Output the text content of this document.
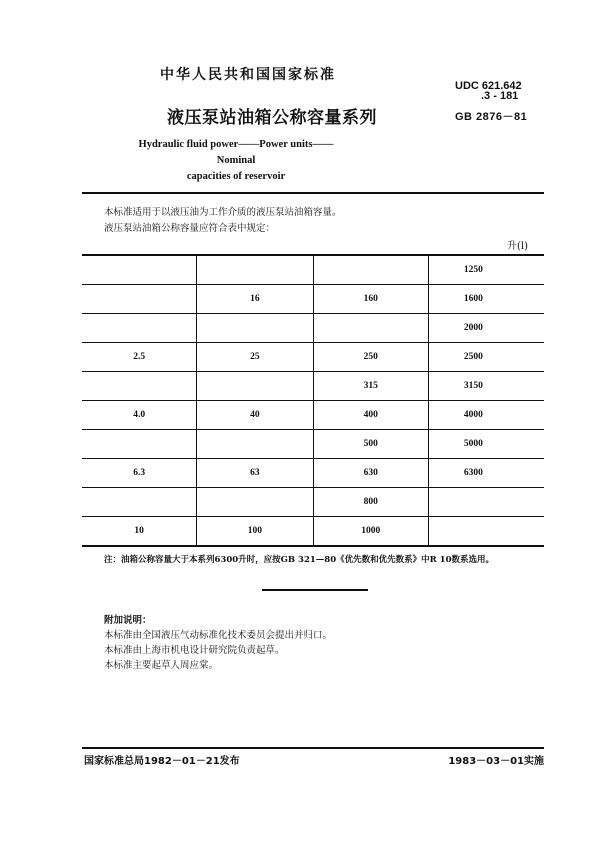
中华人民共和国国家标准
UDC 621.642
.3 - 181
GB 2876－81
液压泵站油箱公称容量系列
Hydraulic fluid power——Power units——Nominal
capacities of reservoir
本标准适用于以液压油为工作介质的液压泵站油箱容量。
液压泵站油箱公称容量应符合表中规定：
升(l)
			1250
	16	160	1600
			2000
2.5	25	250	2500
		315	3150
4.0	40	400	4000
		500	5000
6.3	63	630	6300
		800	
10	100	1000	
注：油箱公称容量大于本系列6300升时，应按GB 321—80《优先数和优先数系》中R 10数系选用。
附加说明：
本标准由全国液压气动标准化技术委员会提出并归口。
本标准由上海市机电设计研究院负责起草。
本标准主要起草人周应棠。
国家标准总局1982－01－21发布	1983－03－01实施
